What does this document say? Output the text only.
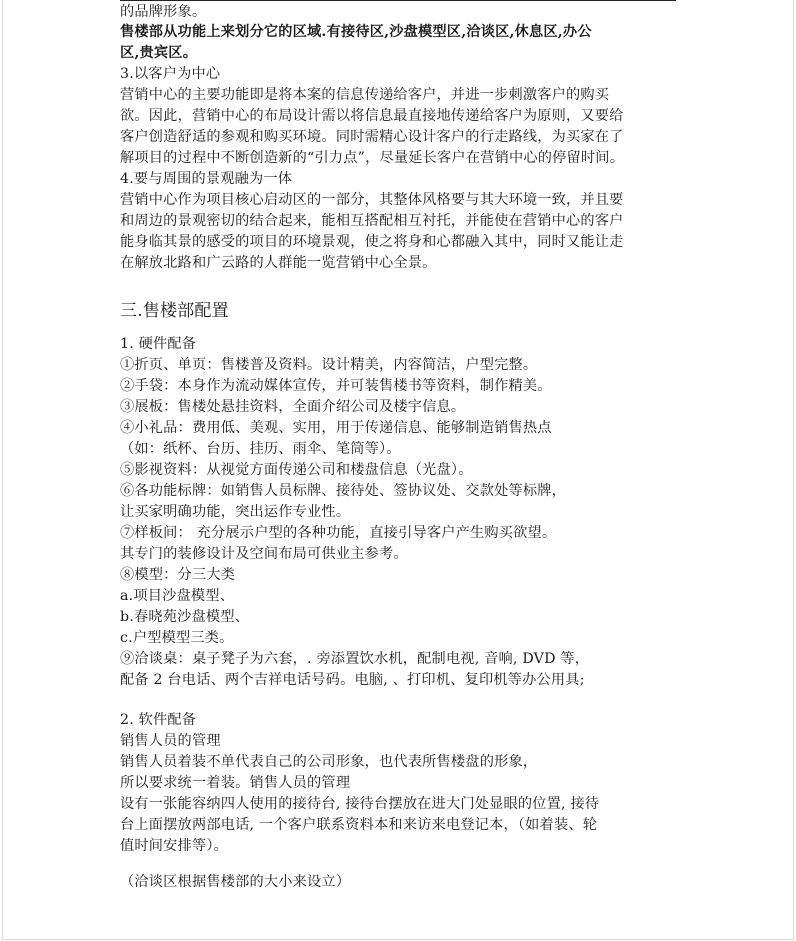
的品牌形象。
售楼部从功能上来划分它的区域.有接待区,沙盘模型区,洽谈区,休息区,办公
区,贵宾区。
3.以客户为中心
营销中心的主要功能即是将本案的信息传递给客户，并进一步刺激客户的购买
欲。因此，营销中心的布局设计需以将信息最直接地传递给客户为原则，又要给
客户创造舒适的参观和购买环境。同时需精心设计客户的行走路线，为买家在了
解项目的过程中不断创造新的“引力点”，尽量延长客户在营销中心的停留时间。
4.要与周围的景观融为一体
营销中心作为项目核心启动区的一部分，其整体风格要与其大环境一致，并且要
和周边的景观密切的结合起来，能相互搭配相互衬托，并能使在营销中心的客户
能身临其景的感受的项目的环境景观，使之将身和心都融入其中，同时又能让走
在解放北路和广云路的人群能一览营销中心全景。
三.售楼部配置
1. 硬件配备
①折页、单页：售楼普及资料。设计精美，内容简洁，户型完整。
②手袋：本身作为流动媒体宣传，并可装售楼书等资料，制作精美。
③展板：售楼处悬挂资料，全面介绍公司及楼宇信息。
④小礼品：费用低、美观、实用，用于传递信息、能够制造销售热点
（如：纸杯、台历、挂历、雨伞、笔筒等）。
⑤影视资料：从视觉方面传递公司和楼盘信息（光盘）。
⑥各功能标牌：如销售人员标牌、接待处、签协议处、交款处等标牌，
让买家明确功能，突出运作专业性。
⑦样板间： 充分展示户型的各种功能，直接引导客户产生购买欲望。
其专门的装修设计及空间布局可供业主参考。
⑧模型：分三大类
a.项目沙盘模型、
b.春晓苑沙盘模型、
c.户型模型三类。
⑨洽谈桌：桌子凳子为六套，. 旁添置饮水机，配制电视, 音响, DVD 等，
配备 2 台电话、两个吉祥电话号码。电脑, 、打印机、复印机等办公用具;
2. 软件配备
销售人员的管理
销售人员着装不单代表自己的公司形象，也代表所售楼盘的形象，
所以要求统一着装。销售人员的管理
设有一张能容纳四人使用的接待台, 接待台摆放在进大门处显眼的位置, 接待
台上面摆放两部电话, 一个客户联系资料本和来访来电登记本，（如着装、轮
值时间安排等）。
（洽谈区根据售楼部的大小来设立）
